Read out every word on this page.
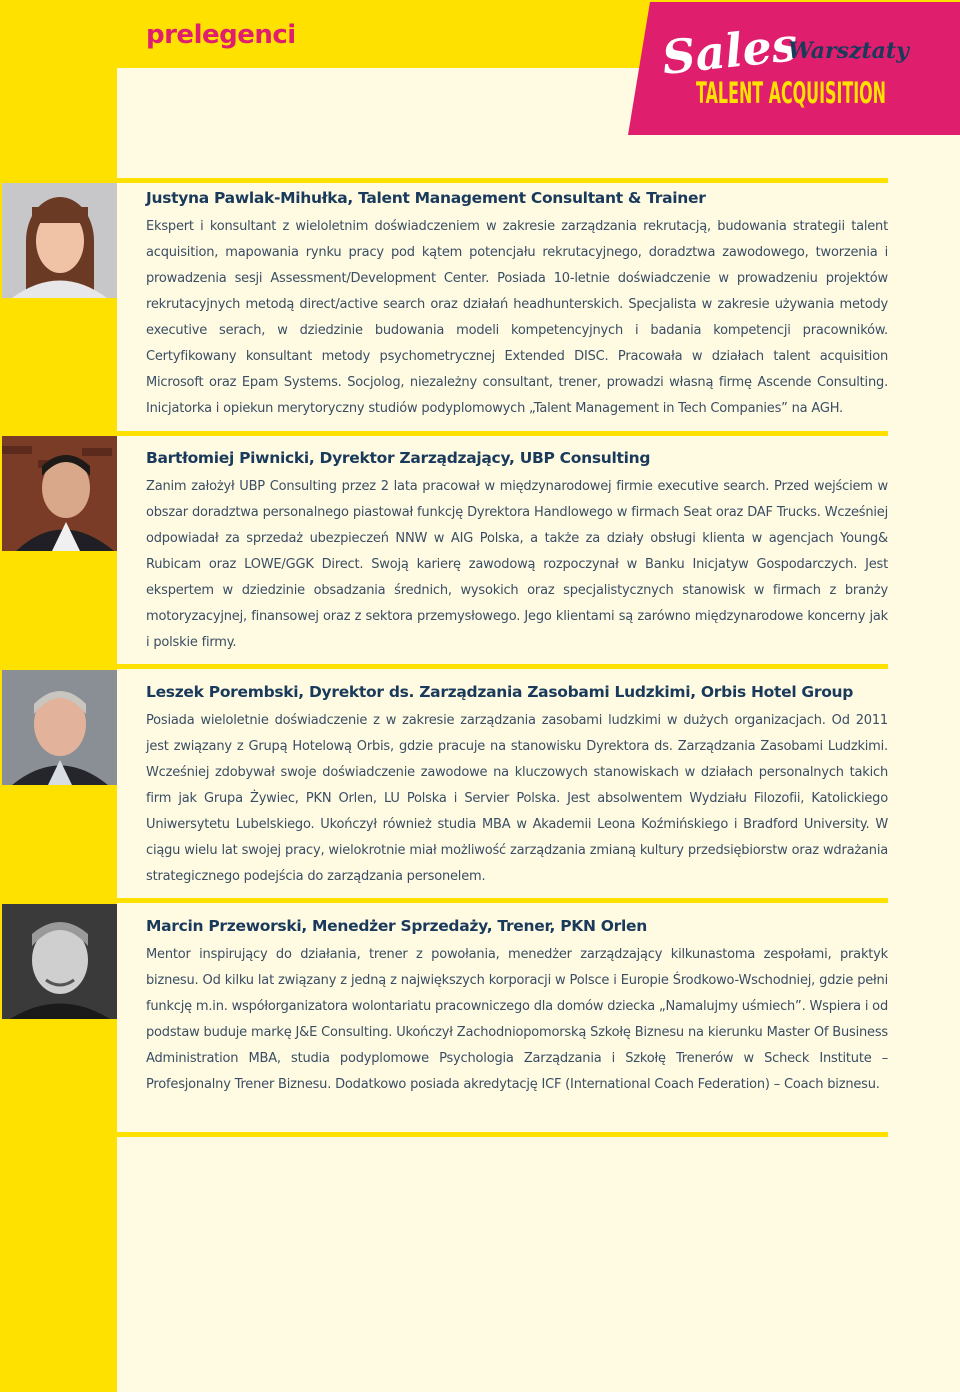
prelegenci	Sales
Warsztaty
TALENT ACQUISITION
Justyna Pawlak-Mihułka, Talent Management Consultant & Trainer

Ekspert i konsultant z wieloletnim doświadczeniem w zakresie zarządzania rekrutacją, budowania strategii talent acquisition, mapowania rynku pracy pod kątem potencjału rekrutacyjnego, doradztwa zawodowego, tworzenia i prowadzenia sesji Assessment/Development Center. Posiada 10-letnie doświadczenie w prowadzeniu projektów rekrutacyjnych metodą direct/active search oraz działań headhunterskich. Specjalista w zakresie używania metody executive serach, w dziedzinie budowania modeli kompetencyjnych i badania kompetencji pracowników. Certyfikowany konsultant metody psychometrycznej Extended DISC. Pracowała w działach talent acquisition Microsoft oraz Epam Systems. Socjolog, niezależny consultant, trener, prowadzi własną firmę Ascende Consulting. Inicjatorka i opiekun merytoryczny studiów podyplomowych „Talent Management in Tech Companies” na AGH.

Bartłomiej Piwnicki, Dyrektor Zarządzający, UBP Consulting

Zanim założył UBP Consulting przez 2 lata pracował w międzynarodowej firmie executive search. Przed wejściem w obszar doradztwa personalnego piastował funkcję Dyrektora Handlowego w firmach Seat oraz DAF Trucks. Wcześniej odpowiadał za sprzedaż ubezpieczeń NNW w AIG Polska, a także za działy obsługi klienta w agencjach Young& Rubicam oraz LOWE/GGK Direct. Swoją karierę zawodową rozpoczynał w Banku Inicjatyw Gospodarczych. Jest ekspertem w dziedzinie obsadzania średnich, wysokich oraz specjalistycznych stanowisk w firmach z branży motoryzacyjnej, finansowej oraz z sektora przemysłowego. Jego klientami są zarówno międzynarodowe koncerny jak i polskie firmy.

Leszek Porembski, Dyrektor ds. Zarządzania Zasobami Ludzkimi, Orbis Hotel Group

Posiada wieloletnie doświadczenie z w zakresie zarządzania zasobami ludzkimi w dużych organizacjach. Od 2011 jest związany z Grupą Hotelową Orbis, gdzie pracuje na stanowisku Dyrektora ds. Zarządzania Zasobami Ludzkimi. Wcześniej zdobywał swoje doświadczenie zawodowe na kluczowych stanowiskach w działach personalnych takich firm jak Grupa Żywiec, PKN Orlen, LU Polska i Servier Polska. Jest absolwentem Wydziału Filozofii, Katolickiego Uniwersytetu Lubelskiego. Ukończył również studia MBA w Akademii Leona Koźmińskiego i Bradford University. W ciągu wielu lat swojej pracy, wielokrotnie miał możliwość zarządzania zmianą kultury przedsiębiorstw oraz wdrażania strategicznego podejścia do zarządzania personelem.

Marcin Przeworski, Menedżer Sprzedaży, Trener, PKN Orlen

Mentor inspirujący do działania, trener z powołania, menedżer zarządzający kilkunastoma zespołami, praktyk biznesu. Od kilku lat związany z jedną z największych korporacji w Polsce i Europie Środkowo-Wschodniej, gdzie pełni funkcję m.in. współorganizatora wolontariatu pracowniczego dla domów dziecka „Namalujmy uśmiech”. Wspiera i od podstaw buduje markę J&E Consulting. Ukończył Zachodniopomorską Szkołę Biznesu na kierunku Master Of Business Administration MBA, studia podyplomowe Psychologia Zarządzania i Szkołę Trenerów w Scheck Institute – Profesjonalny Trener Biznesu. Dodatkowo posiada akredytację ICF (International Coach Federation) – Coach biznesu.
